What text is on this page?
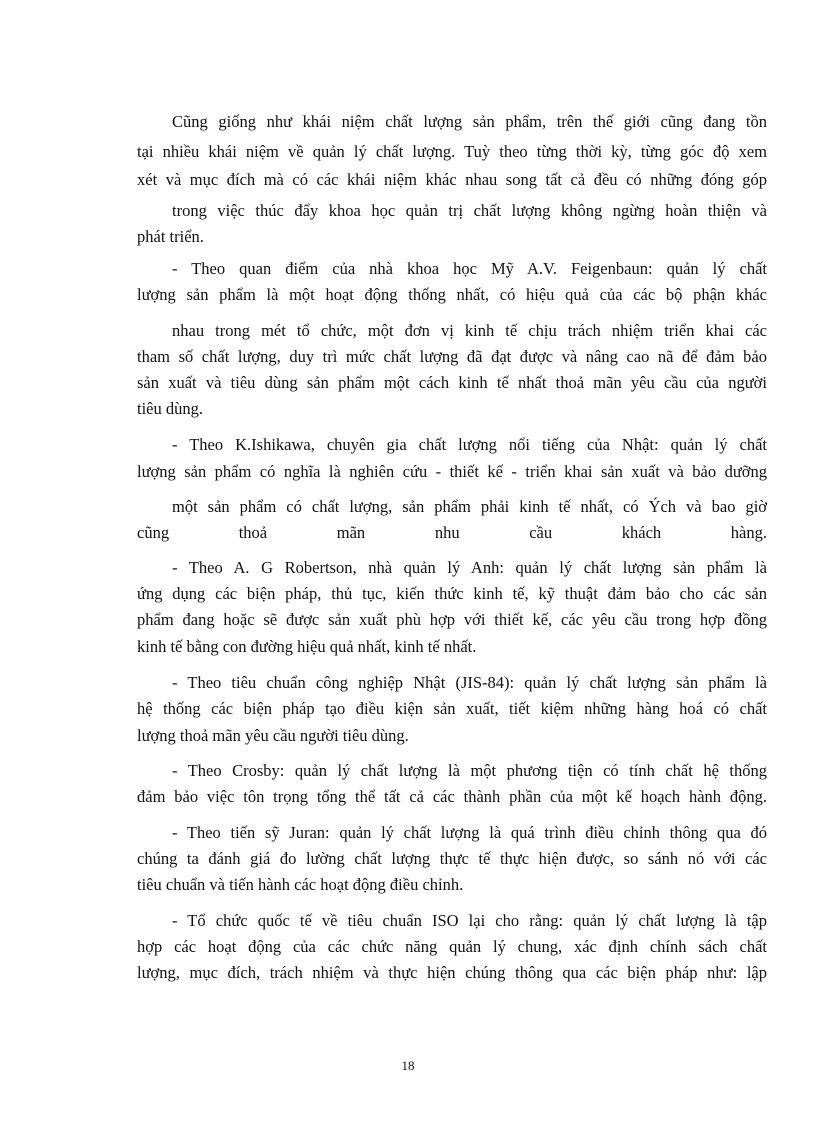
Cũng giống như khái niệm chất lượng sản phẩm, trên thế giới cũng đang tồn
tại nhiều khái niệm về quản lý chất lượng. Tuỳ theo từng thời kỳ, từng góc độ xem
xét và mục đích mà có các khái niệm khác nhau song tất cả đều có những đóng góp
trong việc thúc đẩy khoa học quản trị chất lượng không ngừng hoàn thiện và
phát triển.
- Theo quan điểm của nhà khoa học Mỹ A.V. Feigenbaun: quản lý chất
lượng sản phẩm là một hoạt động thống nhất, có hiệu quả của các bộ phận khác
nhau trong mét tổ chức, một đơn vị kinh tế chịu trách nhiệm triển khai các
tham số chất lượng, duy trì mức chất lượng đã đạt được và nâng cao nã để đảm bảo
sản xuất và tiêu dùng sản phẩm một cách kinh tế nhất thoả mãn yêu cầu của người
tiêu dùng.
- Theo K.Ishikawa, chuyên gia chất lượng nổi tiếng của Nhật: quản lý chất
lượng sản phẩm có nghĩa là nghiên cứu - thiết kế - triển khai sản xuất và bảo dưỡng
một sản phẩm có chất lượng, sản phẩm phải kinh tế nhất, có Ých và bao giờ
cũng thoả mãn nhu cầu khách hàng.
- Theo A. G Robertson, nhà quản lý Anh: quản lý chất lượng sản phẩm là
ứng dụng các biện pháp, thủ tục, kiến thức kinh tế, kỹ thuật đảm bảo cho các sản
phẩm đang hoặc sẽ được sản xuất phù hợp với thiết kế, các yêu cầu trong hợp đồng
kinh tế bằng con đường hiệu quả nhất, kinh tế nhất.
- Theo tiêu chuẩn công nghiệp Nhật (JIS-84): quản lý chất lượng sản phẩm là
hệ thống các biện pháp tạo điều kiện sản xuất, tiết kiệm những hàng hoá có chất
lượng thoả mãn yêu cầu người tiêu dùng.
- Theo Crosby: quản lý chất lượng là một phương tiện có tính chất hệ thống
đảm bảo việc tôn trọng tổng thể tất cả các thành phần của một kế hoạch hành động.
- Theo tiến sỹ Juran: quản lý chất lượng là quá trình điều chỉnh thông qua đó
chúng ta đánh giá đo lường chất lượng thực tế thực hiện được, so sánh nó với các
tiêu chuẩn và tiến hành các hoạt động điều chỉnh.
- Tổ chức quốc tế về tiêu chuẩn ISO lại cho rằng: quản lý chất lượng là tập
hợp các hoạt động của các chức năng quản lý chung, xác định chính sách chất
lượng, mục đích, trách nhiệm và thực hiện chúng thông qua các biện pháp như: lập
18
